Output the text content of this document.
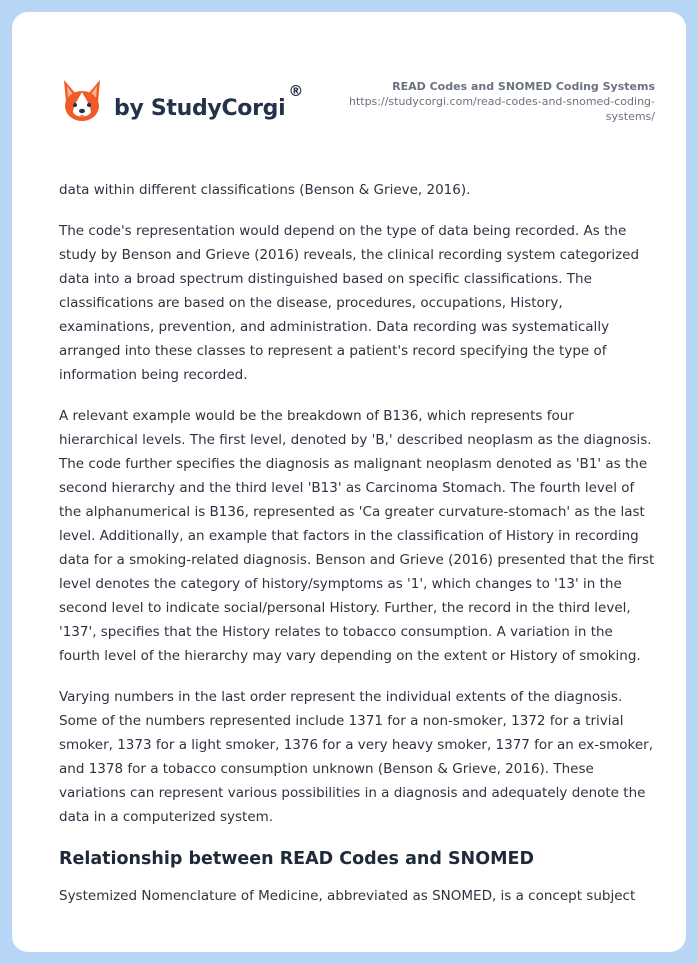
by StudyCorgi
®	READ Codes and SNOMED Coding Systems
https://studycorgi.com/read-codes-and-snomed-coding-systems/

data within different classifications (Benson & Grieve, 2016).

The code's representation would depend on the type of data being recorded. As the study by Benson and Grieve (2016) reveals, the clinical recording system categorized data into a broad spectrum distinguished based on specific classifications. The classifications are based on the disease, procedures, occupations, History, examinations, prevention, and administration. Data recording was systematically arranged into these classes to represent a patient's record specifying the type of information being recorded.

A relevant example would be the breakdown of B136, which represents four hierarchical levels. The first level, denoted by 'B,' described neoplasm as the diagnosis. The code further specifies the diagnosis as malignant neoplasm denoted as 'B1' as the second hierarchy and the third level 'B13' as Carcinoma Stomach. The fourth level of the alphanumerical is B136, represented as 'Ca greater curvature-stomach' as the last level. Additionally, an example that factors in the classification of History in recording data for a smoking-related diagnosis. Benson and Grieve (2016) presented that the first level denotes the category of history/symptoms as '1', which changes to '13' in the second level to indicate social/personal History. Further, the record in the third level, '137', specifies that the History relates to tobacco consumption. A variation in the fourth level of the hierarchy may vary depending on the extent or History of smoking.

Varying numbers in the last order represent the individual extents of the diagnosis. Some of the numbers represented include 1371 for a non-smoker, 1372 for a trivial smoker, 1373 for a light smoker, 1376 for a very heavy smoker, 1377 for an ex-smoker, and 1378 for a tobacco consumption unknown (Benson & Grieve, 2016). These variations can represent various possibilities in a diagnosis and adequately denote the data in a computerized system.

Relationship between READ Codes and SNOMED

Systemized Nomenclature of Medicine, abbreviated as SNOMED, is a concept subject
